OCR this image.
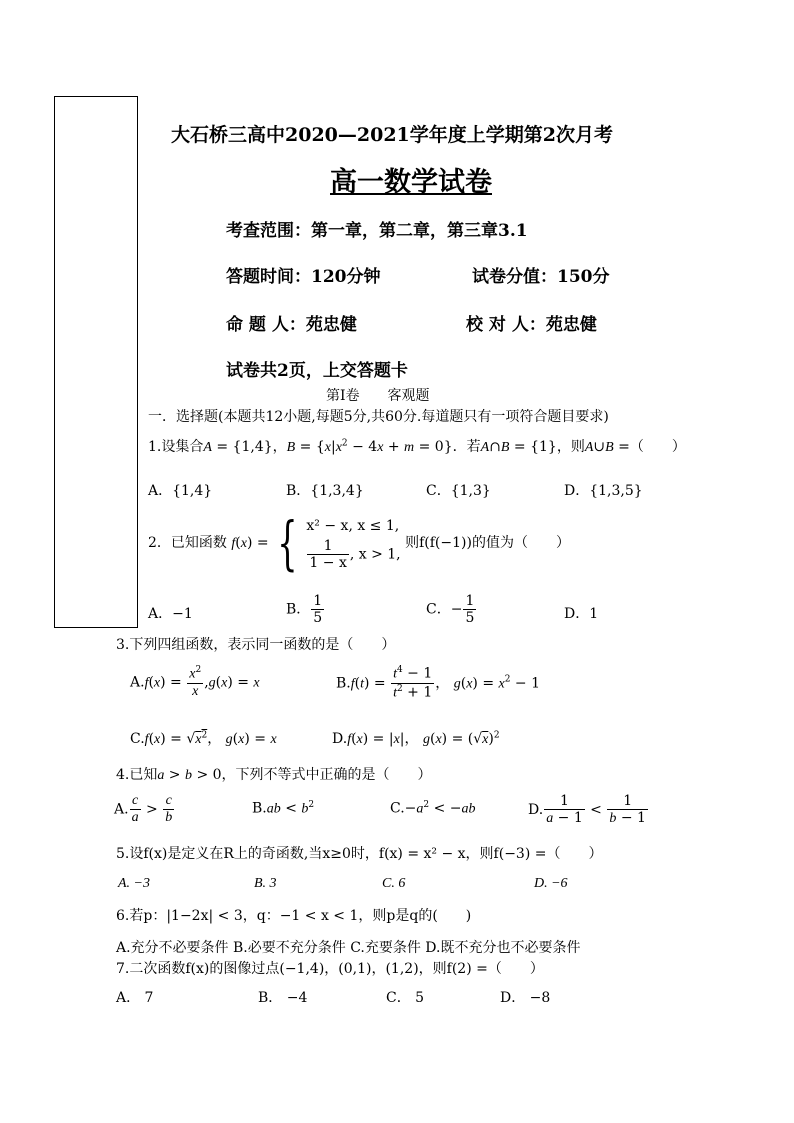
大石桥三高中2020—2021学年度上学期第2次月考
高一数学试卷
考查范围：第一章，第二章，第三章3.1
答题时间：120分钟	试卷分值：150分
命 题 人：苑忠健	校 对 人：苑忠健
试卷共2页，上交答题卡
第Ⅰ卷　　客观题
一．选择题(本题共12小题,每题5分,共60分.每道题只有一项符合题目要求)
1.设集合A = {1,4}，$B = \{x|x^2 - 4x + m = 0\}$．若A∩B = {1}，则A∪B =（　　）
A．{1,4}	B．{1,3,4}	C．{1,3}	D．{1,3,5}
2．已知函数 f(x) = { x² − x, x ≤ 1,
$\frac{1}{1 - x}$ , x > 1,
则f(f(−1))的值为（　　）
A．−1	B． $\frac{1}{5}$	C．− $\frac{1}{5}$	D．1
3.下列四组函数，表示同一函数的是（　　）
$A.f(x) = \frac{x^2}{x} ,g(x) = x$	$B.f(t) = \frac{t^4 - 1}{t^2 + 1}$ ， $g(x) = x^2 - 1$
$C.f(x) = √x^2$， g(x) = x	D.f(x) = |x|， $g(x) = (√x)^2$
4.已知a > b > 0，下列不等式中正确的是（　　）
A. $\frac{c}{a} > \frac{c}{b}$	$B.ab < b^2$	$C.-a^2 < -ab$	D. $\frac{1}{a - 1} < \frac{1}{b - 1}$
5.设f(x)是定义在R上的奇函数,当x≥0时，f(x) = x² − x，则f(−3) =（　　）
A. −3	B. 3	C. 6	D. −6
6.若p：|1−2x| < 3，q：−1 < x < 1，则p是q的(　　)
A.充分不必要条件 B.必要不充分条件 C.充要条件 D.既不充分也不必要条件
7.二次函数f(x)的图像过点(−1,4)，(0,1)，(1,2)，则f(2) =（　　）
A． 7	B． −4	C． 5	D． −8
